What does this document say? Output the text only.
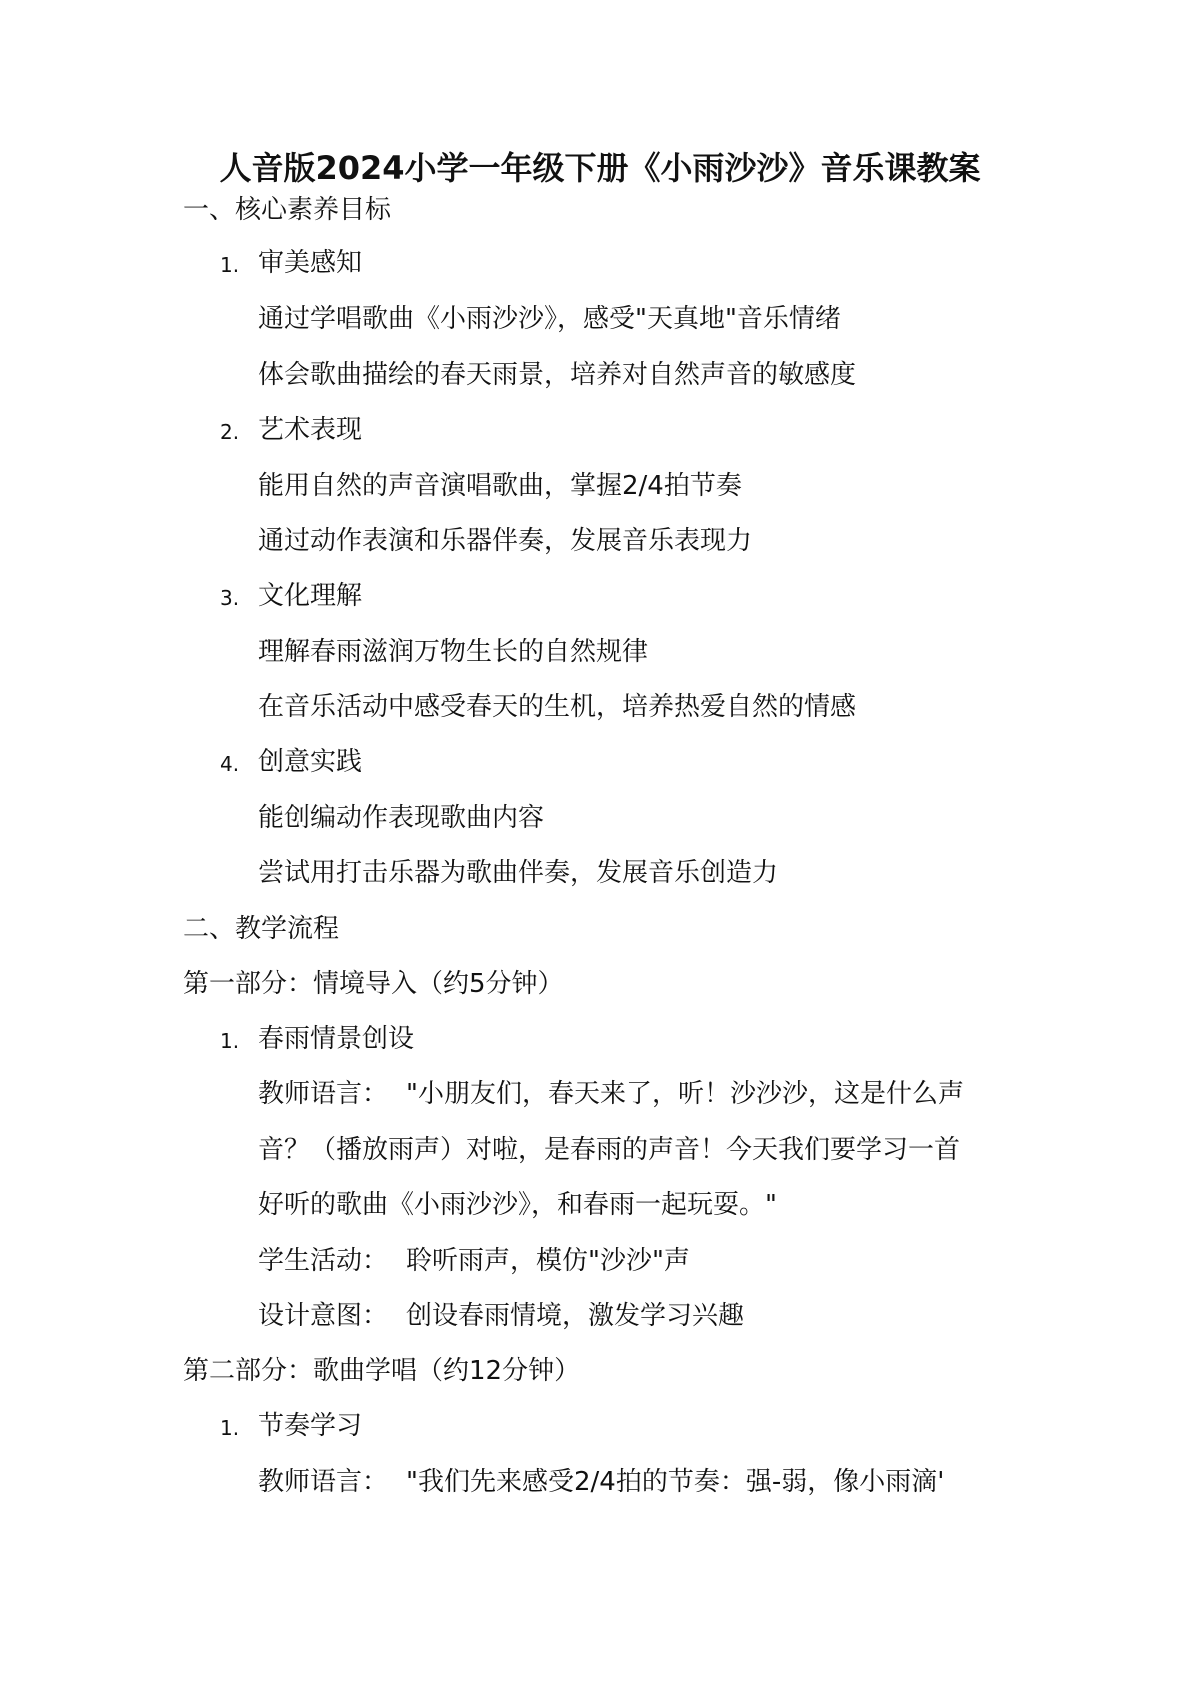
人音版2024小学一年级下册《小雨沙沙》音乐课教案
一、核心素养目标
1. 审美感知
通过学唱歌曲《小雨沙沙》，感受"天真地"音乐情绪
体会歌曲描绘的春天雨景，培养对自然声音的敏感度
2. 艺术表现
能用自然的声音演唱歌曲，掌握2/4拍节奏
通过动作表演和乐器伴奏，发展音乐表现力
3. 文化理解
理解春雨滋润万物生长的自然规律
在音乐活动中感受春天的生机，培养热爱自然的情感
4. 创意实践
能创编动作表现歌曲内容
尝试用打击乐器为歌曲伴奏，发展音乐创造力
二、教学流程
第一部分：情境导入（约5分钟）
1. 春雨情景创设
教师语言： "小朋友们，春天来了，听！沙沙沙，这是什么声
音？（播放雨声）对啦，是春雨的声音！今天我们要学习一首
好听的歌曲《小雨沙沙》，和春雨一起玩耍。"
学生活动： 聆听雨声，模仿"沙沙"声
设计意图： 创设春雨情境，激发学习兴趣
第二部分：歌曲学唱（约12分钟）
1. 节奏学习
教师语言： "我们先来感受2/4拍的节奏：强-弱，像小雨滴'
